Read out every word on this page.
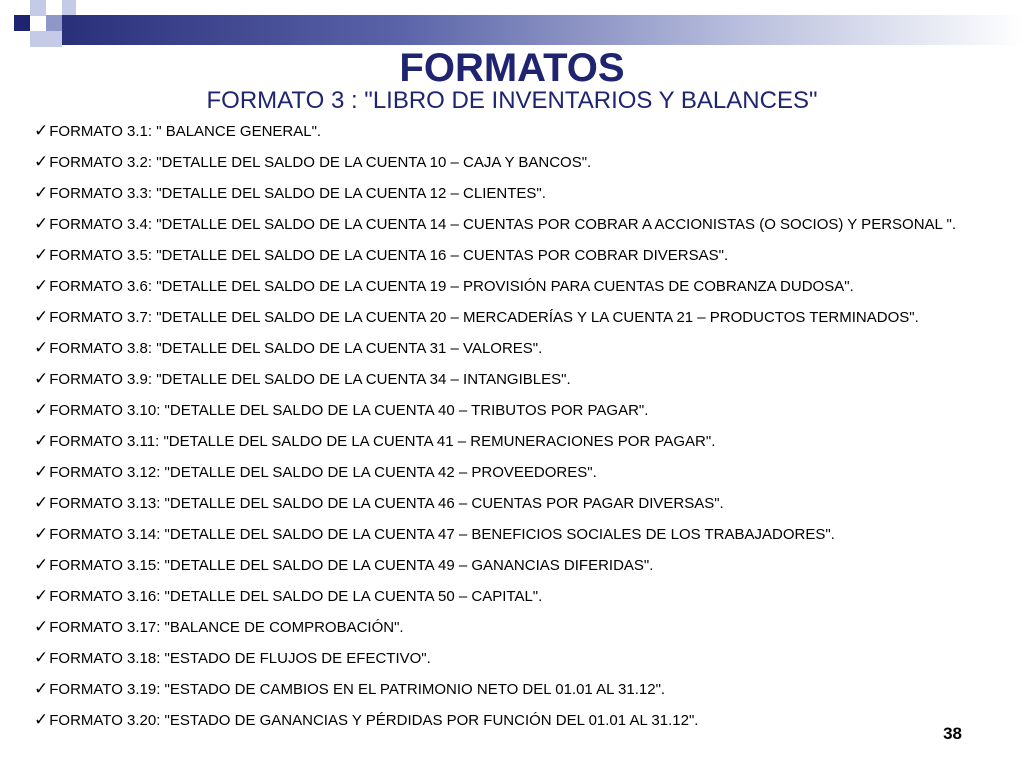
FORMATOS
FORMATO 3 : "LIBRO DE INVENTARIOS Y BALANCES"
✓FORMATO 3.1: " BALANCE GENERAL".
✓FORMATO 3.2: "DETALLE DEL SALDO DE LA CUENTA 10 – CAJA Y BANCOS".
✓FORMATO 3.3: "DETALLE DEL SALDO DE LA CUENTA 12 – CLIENTES".
✓FORMATO 3.4: "DETALLE DEL SALDO DE LA CUENTA 14 – CUENTAS POR COBRAR A ACCIONISTAS (O SOCIOS) Y PERSONAL ".
✓FORMATO 3.5: "DETALLE DEL SALDO DE LA CUENTA 16 – CUENTAS POR COBRAR DIVERSAS".
✓FORMATO 3.6: "DETALLE DEL SALDO DE LA CUENTA 19 – PROVISIÓN PARA CUENTAS DE COBRANZA DUDOSA".
✓FORMATO 3.7: "DETALLE DEL SALDO DE LA CUENTA 20 – MERCADERÍAS Y LA CUENTA 21 – PRODUCTOS TERMINADOS".
✓FORMATO 3.8: "DETALLE DEL SALDO DE LA CUENTA 31 – VALORES".
✓FORMATO 3.9: "DETALLE DEL SALDO DE LA CUENTA 34 – INTANGIBLES".
✓FORMATO 3.10: "DETALLE DEL SALDO DE LA CUENTA 40 – TRIBUTOS POR PAGAR".
✓FORMATO 3.11: "DETALLE DEL SALDO DE LA CUENTA 41 – REMUNERACIONES POR PAGAR".
✓FORMATO 3.12: "DETALLE DEL SALDO DE LA CUENTA 42 – PROVEEDORES".
✓FORMATO 3.13: "DETALLE DEL SALDO DE LA CUENTA 46 – CUENTAS POR PAGAR DIVERSAS".
✓FORMATO 3.14: "DETALLE DEL SALDO DE LA CUENTA 47 – BENEFICIOS SOCIALES DE LOS TRABAJADORES".
✓FORMATO 3.15: "DETALLE DEL SALDO DE LA CUENTA 49 – GANANCIAS DIFERIDAS".
✓FORMATO 3.16: "DETALLE DEL SALDO DE LA CUENTA 50 – CAPITAL".
✓FORMATO 3.17: "BALANCE DE COMPROBACIÓN".
✓FORMATO 3.18: "ESTADO DE FLUJOS DE EFECTIVO".
✓FORMATO 3.19: "ESTADO DE CAMBIOS EN EL PATRIMONIO NETO DEL 01.01 AL 31.12".
✓FORMATO 3.20: "ESTADO DE GANANCIAS Y PÉRDIDAS POR FUNCIÓN DEL 01.01 AL 31.12".
38
